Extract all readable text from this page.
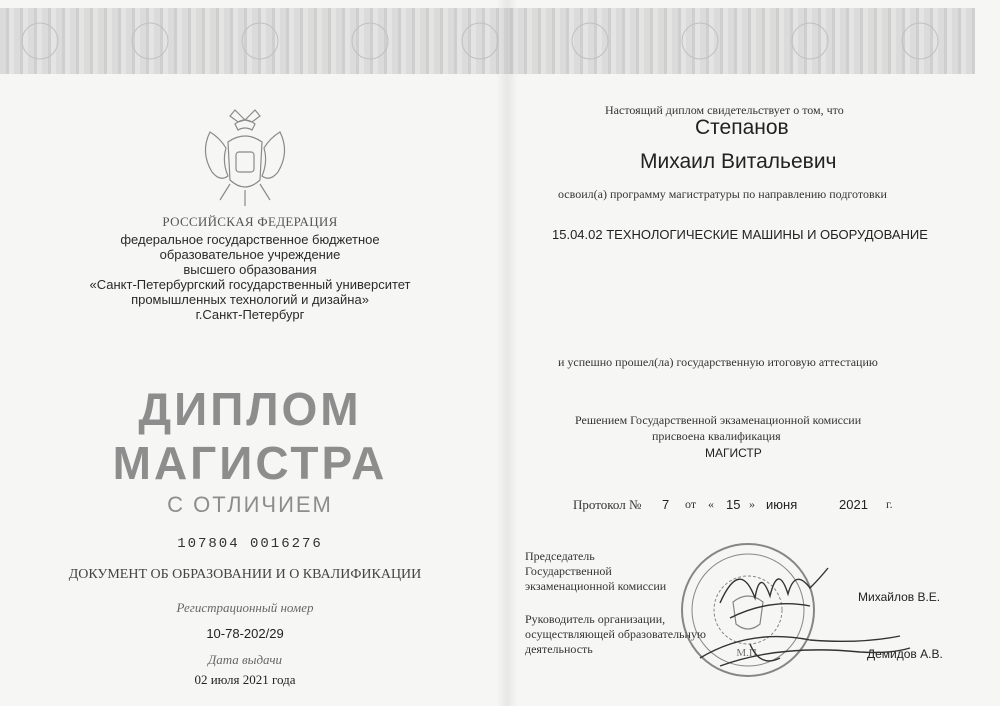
РОССИЙСКАЯ ФЕДЕРАЦИЯ
федеральное государственное бюджетное
образовательное учреждение
высшего образования
«Санкт-Петербургский государственный университет
промышленных технологий и дизайна»
г.Санкт-Петербург
ДИПЛОМ
МАГИСТРА
С ОТЛИЧИЕМ
107804 0016276
ДОКУМЕНТ ОБ ОБРАЗОВАНИИ И О КВАЛИФИКАЦИИ
Регистрационный номер
10-78-202/29
Дата выдачи
02 июля 2021 года
Настоящий диплом свидетельствует о том, что
Степанов
Михаил Витальевич
освоил(а) программу магистратуры по направлению подготовки
15.04.02 ТЕХНОЛОГИЧЕСКИЕ МАШИНЫ И ОБОРУДОВАНИЕ
и успешно прошел(ла) государственную итоговую аттестацию
Решением Государственной экзаменационной комиссии
присвоена квалификация
МАГИСТР
Протокол № 7 от « 15 » июня	2021 г.
Председатель
Государственной
экзаменационной комиссии
Михайлов В.Е.
Руководитель организации,
осуществляющей образовательную
деятельность	Демидов А.В.
М.П.
